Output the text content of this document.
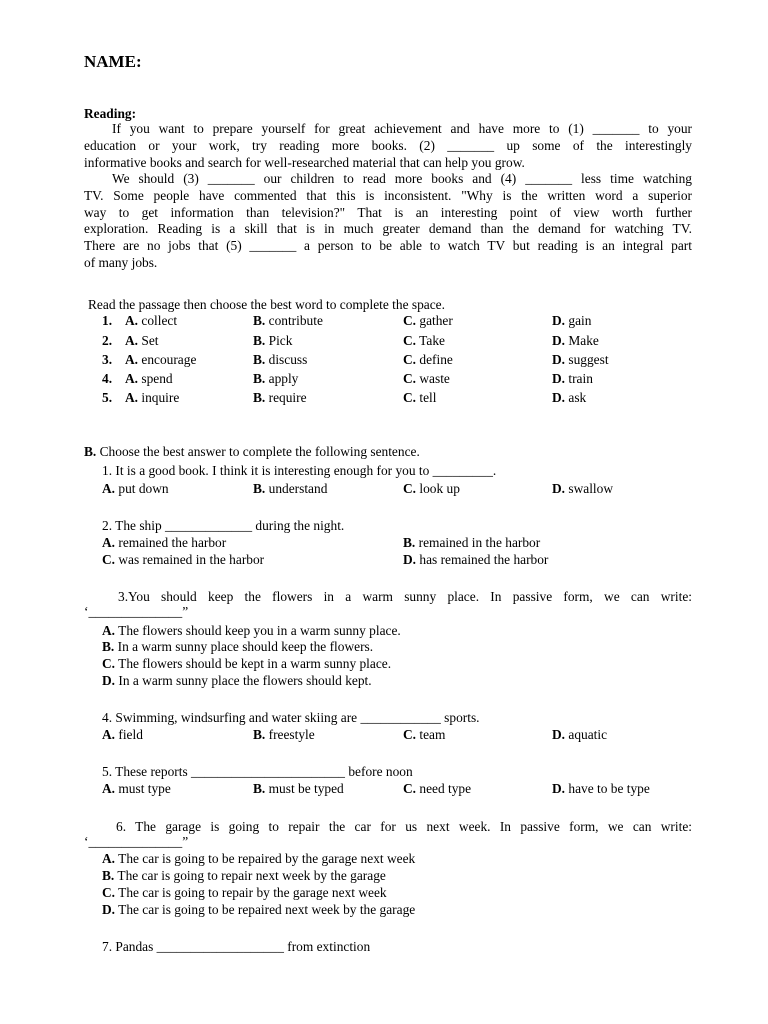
NAME:
Reading:
If you want to prepare yourself for great achievement and have more to (1) _______ to your
education or your work, try reading more books. (2) _______ up some of the interestingly
informative books and search for well-researched material that can help you grow.
We should (3) _______ our children to read more books and (4) _______ less time watching
TV. Some people have commented that this is inconsistent. "Why is the written word a superior
way to get information than television?" That is an interesting point of view worth further
exploration. Reading is a skill that is in much greater demand than the demand for watching TV.
There are no jobs that (5) _______ a person to be able to watch TV but reading is an integral part
of many jobs.
Read the passage then choose the best word to complete the space.
1. A. collect	B. contribute	C. gather	D. gain
2. A. Set	B. Pick	C. Take	D. Make
3. A. encourage	B. discuss	C. define	D. suggest
4. A. spend	B. apply	C. waste	D. train
5. A. inquire	B. require	C. tell	D. ask
B. Choose the best answer to complete the following sentence.
1. It is a good book. I think it is interesting enough for you to _________.
A. put down	B. understand	C. look up	D. swallow
2. The ship _____________ during the night.
A. remained the harbor	B. remained in the harbor
C. was remained in the harbor	D. has remained the harbor
3.You should keep the flowers in a warm sunny place. In passive form, we can write:
‘______________”
A. The flowers should keep you in a warm sunny place.
B. In a warm sunny place should keep the flowers.
C. The flowers should be kept in a warm sunny place.
D. In a warm sunny place the flowers should kept.
4. Swimming, windsurfing and water skiing are ____________ sports.
A. field	B. freestyle	C. team	D. aquatic
5. These reports _______________________ before noon
A. must type	B. must be typed	C. need type	D. have to be type
6. The garage is going to repair the car for us next week. In passive form, we can write:
‘______________”
A. The car is going to be repaired by the garage next week
B. The car is going to repair next week by the garage
C. The car is going to repair by the garage next week
D. The car is going to be repaired next week by the garage
7. Pandas ___________________ from extinction
